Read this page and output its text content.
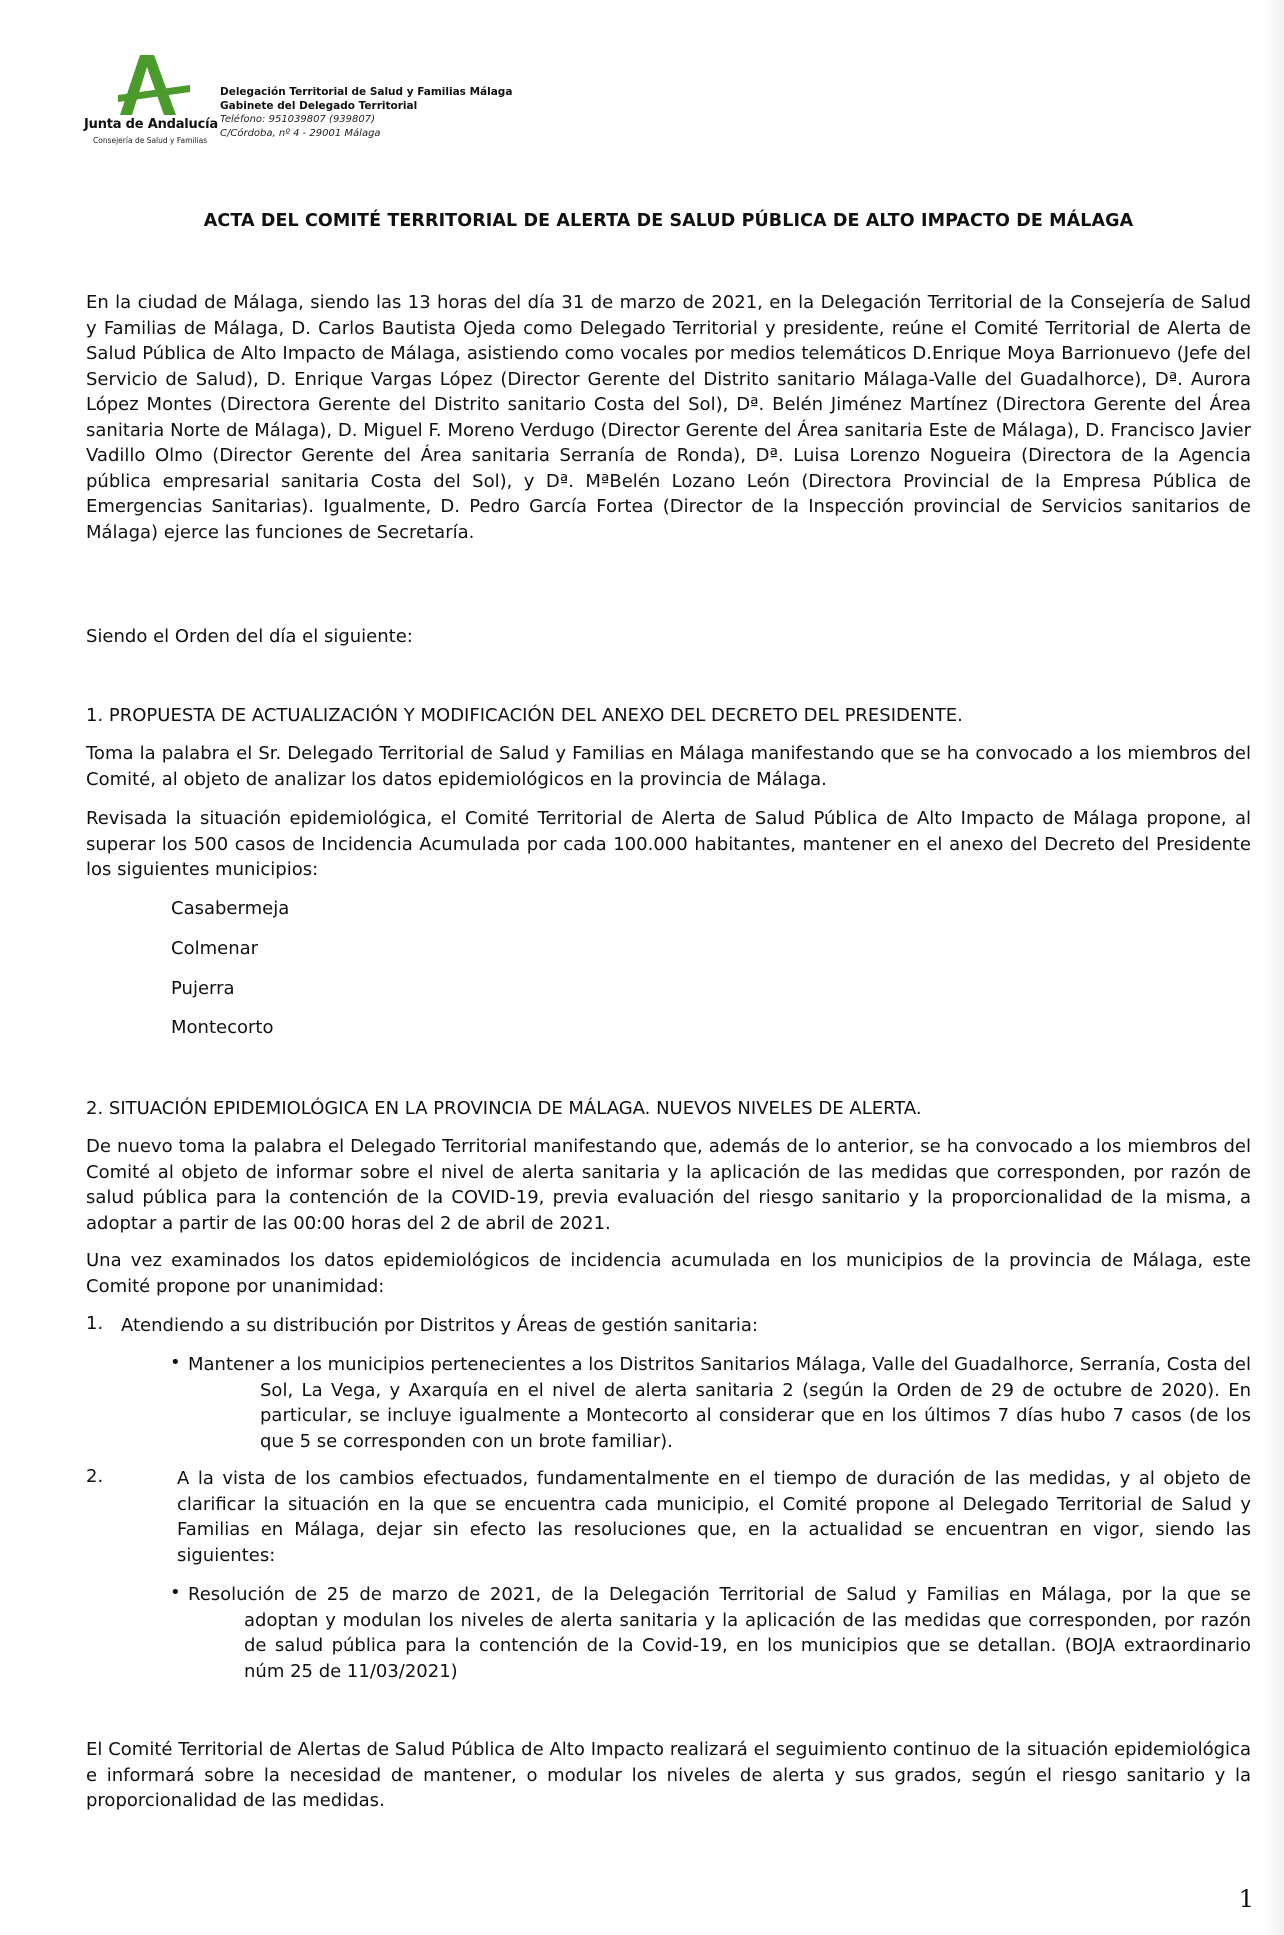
Junta de Andalucía
Consejería de Salud y Familias
Delegación Territorial de Salud y Familias Málaga
Gabinete del Delegado Territorial
Teléfono: 951039807 (939807)
C/Córdoba, nº 4 - 29001 Málaga
ACTA DEL COMITÉ TERRITORIAL DE ALERTA DE SALUD PÚBLICA DE ALTO IMPACTO DE MÁLAGA

En la ciudad de Málaga, siendo las 13 horas del día 31 de marzo de 2021, en la Delegación Territorial de la Consejería de Salud y Familias de Málaga, D. Carlos Bautista Ojeda como Delegado Territorial y presidente, reúne el Comité Territorial de Alerta de Salud Pública de Alto Impacto de Málaga, asistiendo como vocales por medios telemáticos D.Enrique Moya Barrionuevo (Jefe del Servicio de Salud), D. Enrique Vargas López (Director Gerente del Distrito sanitario Málaga-Valle del Guadalhorce), Dª. Aurora López Montes (Directora Gerente del Distrito sanitario Costa del Sol), Dª. Belén Jiménez Martínez (Directora Gerente del Área sanitaria Norte de Málaga), D. Miguel F. Moreno Verdugo (Director Gerente del Área sanitaria Este de Málaga), D. Francisco Javier Vadillo Olmo (Director Gerente del Área sanitaria Serranía de Ronda), Dª. Luisa Lorenzo Nogueira (Directora de la Agencia pública empresarial sanitaria Costa del Sol), y Dª. MªBelén Lozano León (Directora Provincial de la Empresa Pública de Emergencias Sanitarias). Igualmente, D. Pedro García Fortea (Director de la Inspección provincial de Servicios sanitarios de Málaga) ejerce las funciones de Secretaría.

Siendo el Orden del día el siguiente:

1. PROPUESTA DE ACTUALIZACIÓN Y MODIFICACIÓN DEL ANEXO DEL DECRETO DEL PRESIDENTE.

Toma la palabra el Sr. Delegado Territorial de Salud y Familias en Málaga manifestando que se ha convocado a los miembros del Comité, al objeto de analizar los datos epidemiológicos en la provincia de Málaga.

Revisada la situación epidemiológica, el Comité Territorial de Alerta de Salud Pública de Alto Impacto de Málaga propone, al superar los 500 casos de Incidencia Acumulada por cada 100.000 habitantes, mantener en el anexo del Decreto del Presidente los siguientes municipios:

Casabermeja
Colmenar
Pujerra
Montecorto

2. SITUACIÓN EPIDEMIOLÓGICA EN LA PROVINCIA DE MÁLAGA. NUEVOS NIVELES DE ALERTA.

De nuevo toma la palabra el Delegado Territorial manifestando que, además de lo anterior, se ha convocado a los miembros del Comité al objeto de informar sobre el nivel de alerta sanitaria y la aplicación de las medidas que corresponden, por razón de salud pública para la contención de la COVID-19, previa evaluación del riesgo sanitario y la proporcionalidad de la misma, a adoptar a partir de las 00:00 horas del 2 de abril de 2021.

Una vez examinados los datos epidemiológicos de incidencia acumulada en los municipios de la provincia de Málaga, este Comité propone por unanimidad:

1. Atendiendo a su distribución por Distritos y Áreas de gestión sanitaria:

• Mantener a los municipios pertenecientes a los Distritos Sanitarios Málaga, Valle del Guadalhorce, Serranía, Costa del Sol, La Vega, y Axarquía en el nivel de alerta sanitaria 2 (según la Orden de 29 de octubre de 2020). En particular, se incluye igualmente a Montecorto al considerar que en los últimos 7 días hubo 7 casos (de los que 5 se corresponden con un brote familiar).

2.	A la vista de los cambios efectuados, fundamentalmente en el tiempo de duración de las medidas, y al objeto de clarificar la situación en la que se encuentra cada municipio, el Comité propone al Delegado Territorial de Salud y Familias en Málaga, dejar sin efecto las resoluciones que, en la actualidad se encuentran en vigor, siendo las siguientes:

• Resolución de 25 de marzo de 2021, de la Delegación Territorial de Salud y Familias en Málaga, por la que se adoptan y modulan los niveles de alerta sanitaria y la aplicación de las medidas que corresponden, por razón de salud pública para la contención de la Covid-19, en los municipios que se detallan. (BOJA extraordinario núm 25 de 11/03/2021)

El Comité Territorial de Alertas de Salud Pública de Alto Impacto realizará el seguimiento continuo de la situación epidemiológica e informará sobre la necesidad de mantener, o modular los niveles de alerta y sus grados, según el riesgo sanitario y la proporcionalidad de las medidas.

1
